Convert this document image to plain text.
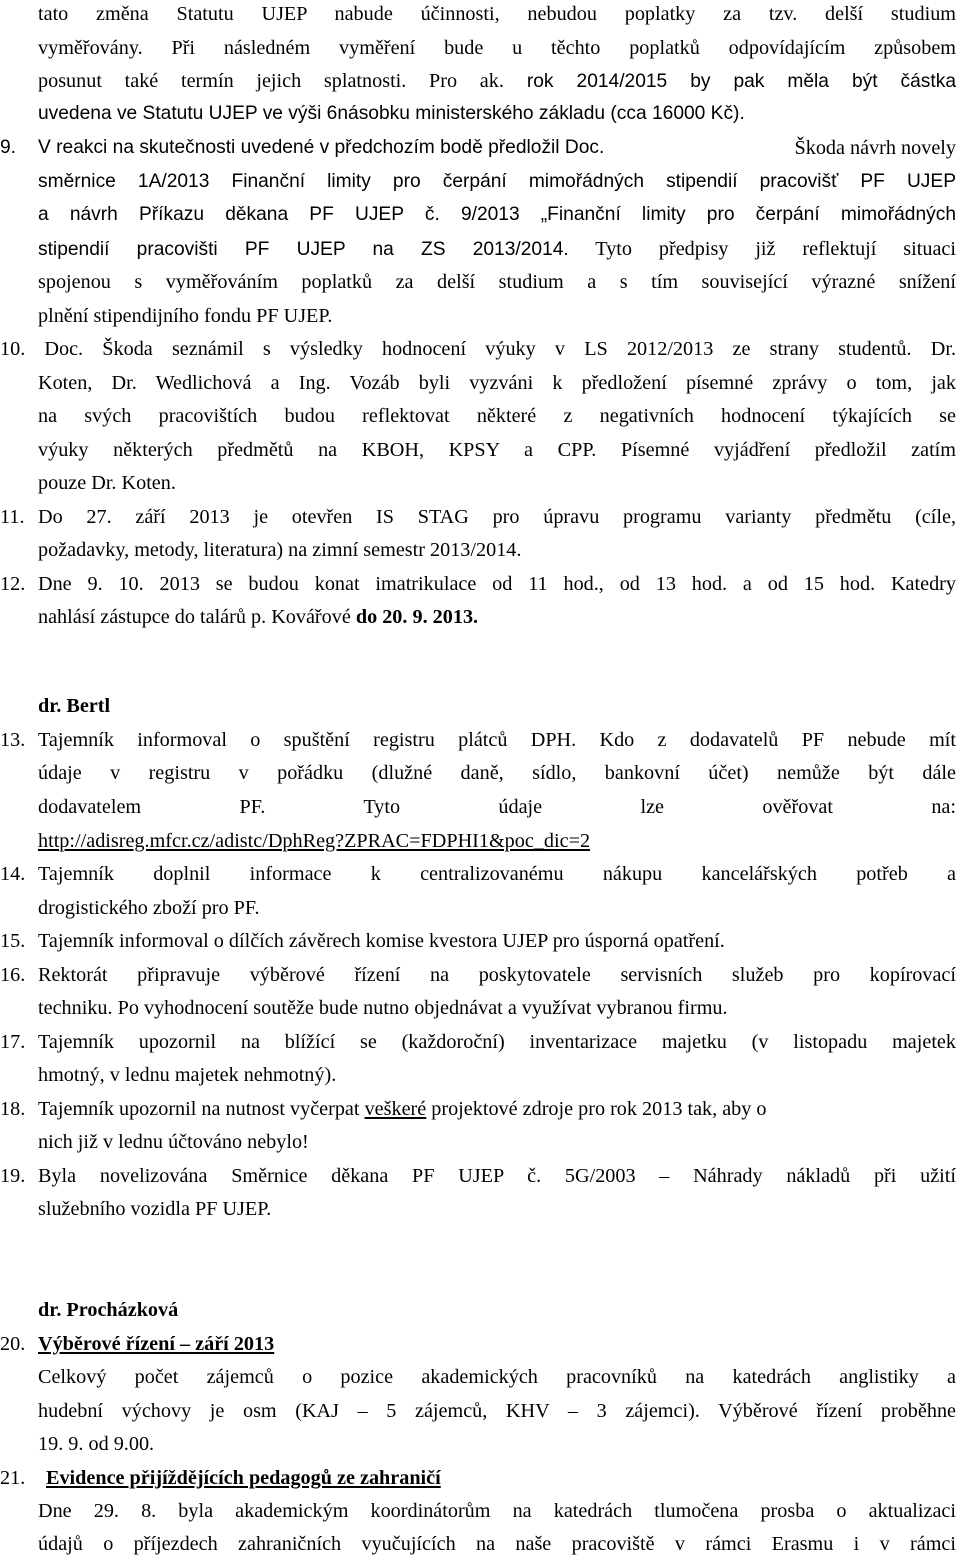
tato změna Statutu UJEP nabude účinnosti, nebudou poplatky za tzv. delší studium
vyměřovány. Při následném vyměření bude u těchto poplatků odpovídajícím způsobem
posunut také termín jejich splatnosti. Pro ak. rok 2014/2015 by pak měla být částka
uvedena ve Statutu UJEP ve výši 6násobku ministerského základu (cca 16000 Kč).
9.	V reakci na skutečnosti uvedené v předchozím bodě předložil Doc.	Škoda návrh novely
směrnice 1A/2013 Finanční limity pro čerpání mimořádných stipendií pracovišť PF UJEP
a návrh Příkazu děkana PF UJEP č. 9/2013 „Finanční limity pro čerpání mimořádných
stipendií pracovišti PF UJEP na ZS 2013/2014. Tyto předpisy již reflektují situaci
spojenou s vyměřováním poplatků za delší studium a s tím související výrazné snížení
plnění stipendijního fondu PF UJEP.
10. Doc. Škoda seznámil s výsledky hodnocení výuky v LS 2012/2013 ze strany studentů. Dr.
Koten, Dr. Wedlichová a Ing. Vozáb byli vyzváni k předložení písemné zprávy o tom, jak
na svých pracovištích budou reflektovat některé z negativních hodnocení týkajících se
výuky některých předmětů na KBOH, KPSY a CPP. Písemné vyjádření předložil zatím
pouze Dr. Koten.
11. Do 27. září 2013 je otevřen IS STAG pro úpravu programu varianty předmětu (cíle,
požadavky, metody, literatura) na zimní semestr 2013/2014.
12. Dne 9. 10. 2013 se budou konat imatrikulace od 11 hod., od 13 hod. a od 15 hod. Katedry
nahlásí zástupce do talárů p. Kovářové do 20. 9. 2013.
dr. Bertl
13. Tajemník informoval o spuštění registru plátců DPH. Kdo z dodavatelů PF nebude mít
údaje v registru v pořádku (dlužné daně, sídlo, bankovní účet) nemůže být dále
dodavatelem PF. Tyto údaje lze ověřovat na:
http://adisreg.mfcr.cz/adistc/DphReg?ZPRAC=FDPHI1&poc_dic=2
14. Tajemník doplnil informace k centralizovanému nákupu kancelářských potřeb a
drogistického zboží pro PF.
15. Tajemník informoval o dílčích závěrech komise kvestora UJEP pro úsporná opatření.
16. Rektorát připravuje výběrové řízení na poskytovatele servisních služeb pro kopírovací
techniku. Po vyhodnocení soutěže bude nutno objednávat a využívat vybranou firmu.
17. Tajemník upozornil na blížící se (každoroční) inventarizace majetku (v listopadu majetek
hmotný, v lednu majetek nehmotný).
18. Tajemník upozornil na nutnost vyčerpat veškeré projektové zdroje pro rok 2013 tak, aby o
nich již v lednu účtováno nebylo!
19. Byla novelizována Směrnice děkana PF UJEP č. 5G/2003 – Náhrady nákladů při užití
služebního vozidla PF UJEP.
dr. Procházková
20. Výběrové řízení – září 2013
Celkový počet zájemců o pozice akademických pracovníků na katedrách anglistiky a
hudební výchovy je osm (KAJ – 5 zájemců, KHV – 3 zájemci). Výběrové řízení proběhne
19. 9. od 9.00.
21.	Evidence přijíždějících pedagogů ze zahraničí
Dne 29. 8. byla akademickým koordinátorům na katedrách tlumočena prosba o aktualizaci
údajů o příjezdech zahraničních vyučujících na naše pracoviště v rámci Erasmu i v rámci
